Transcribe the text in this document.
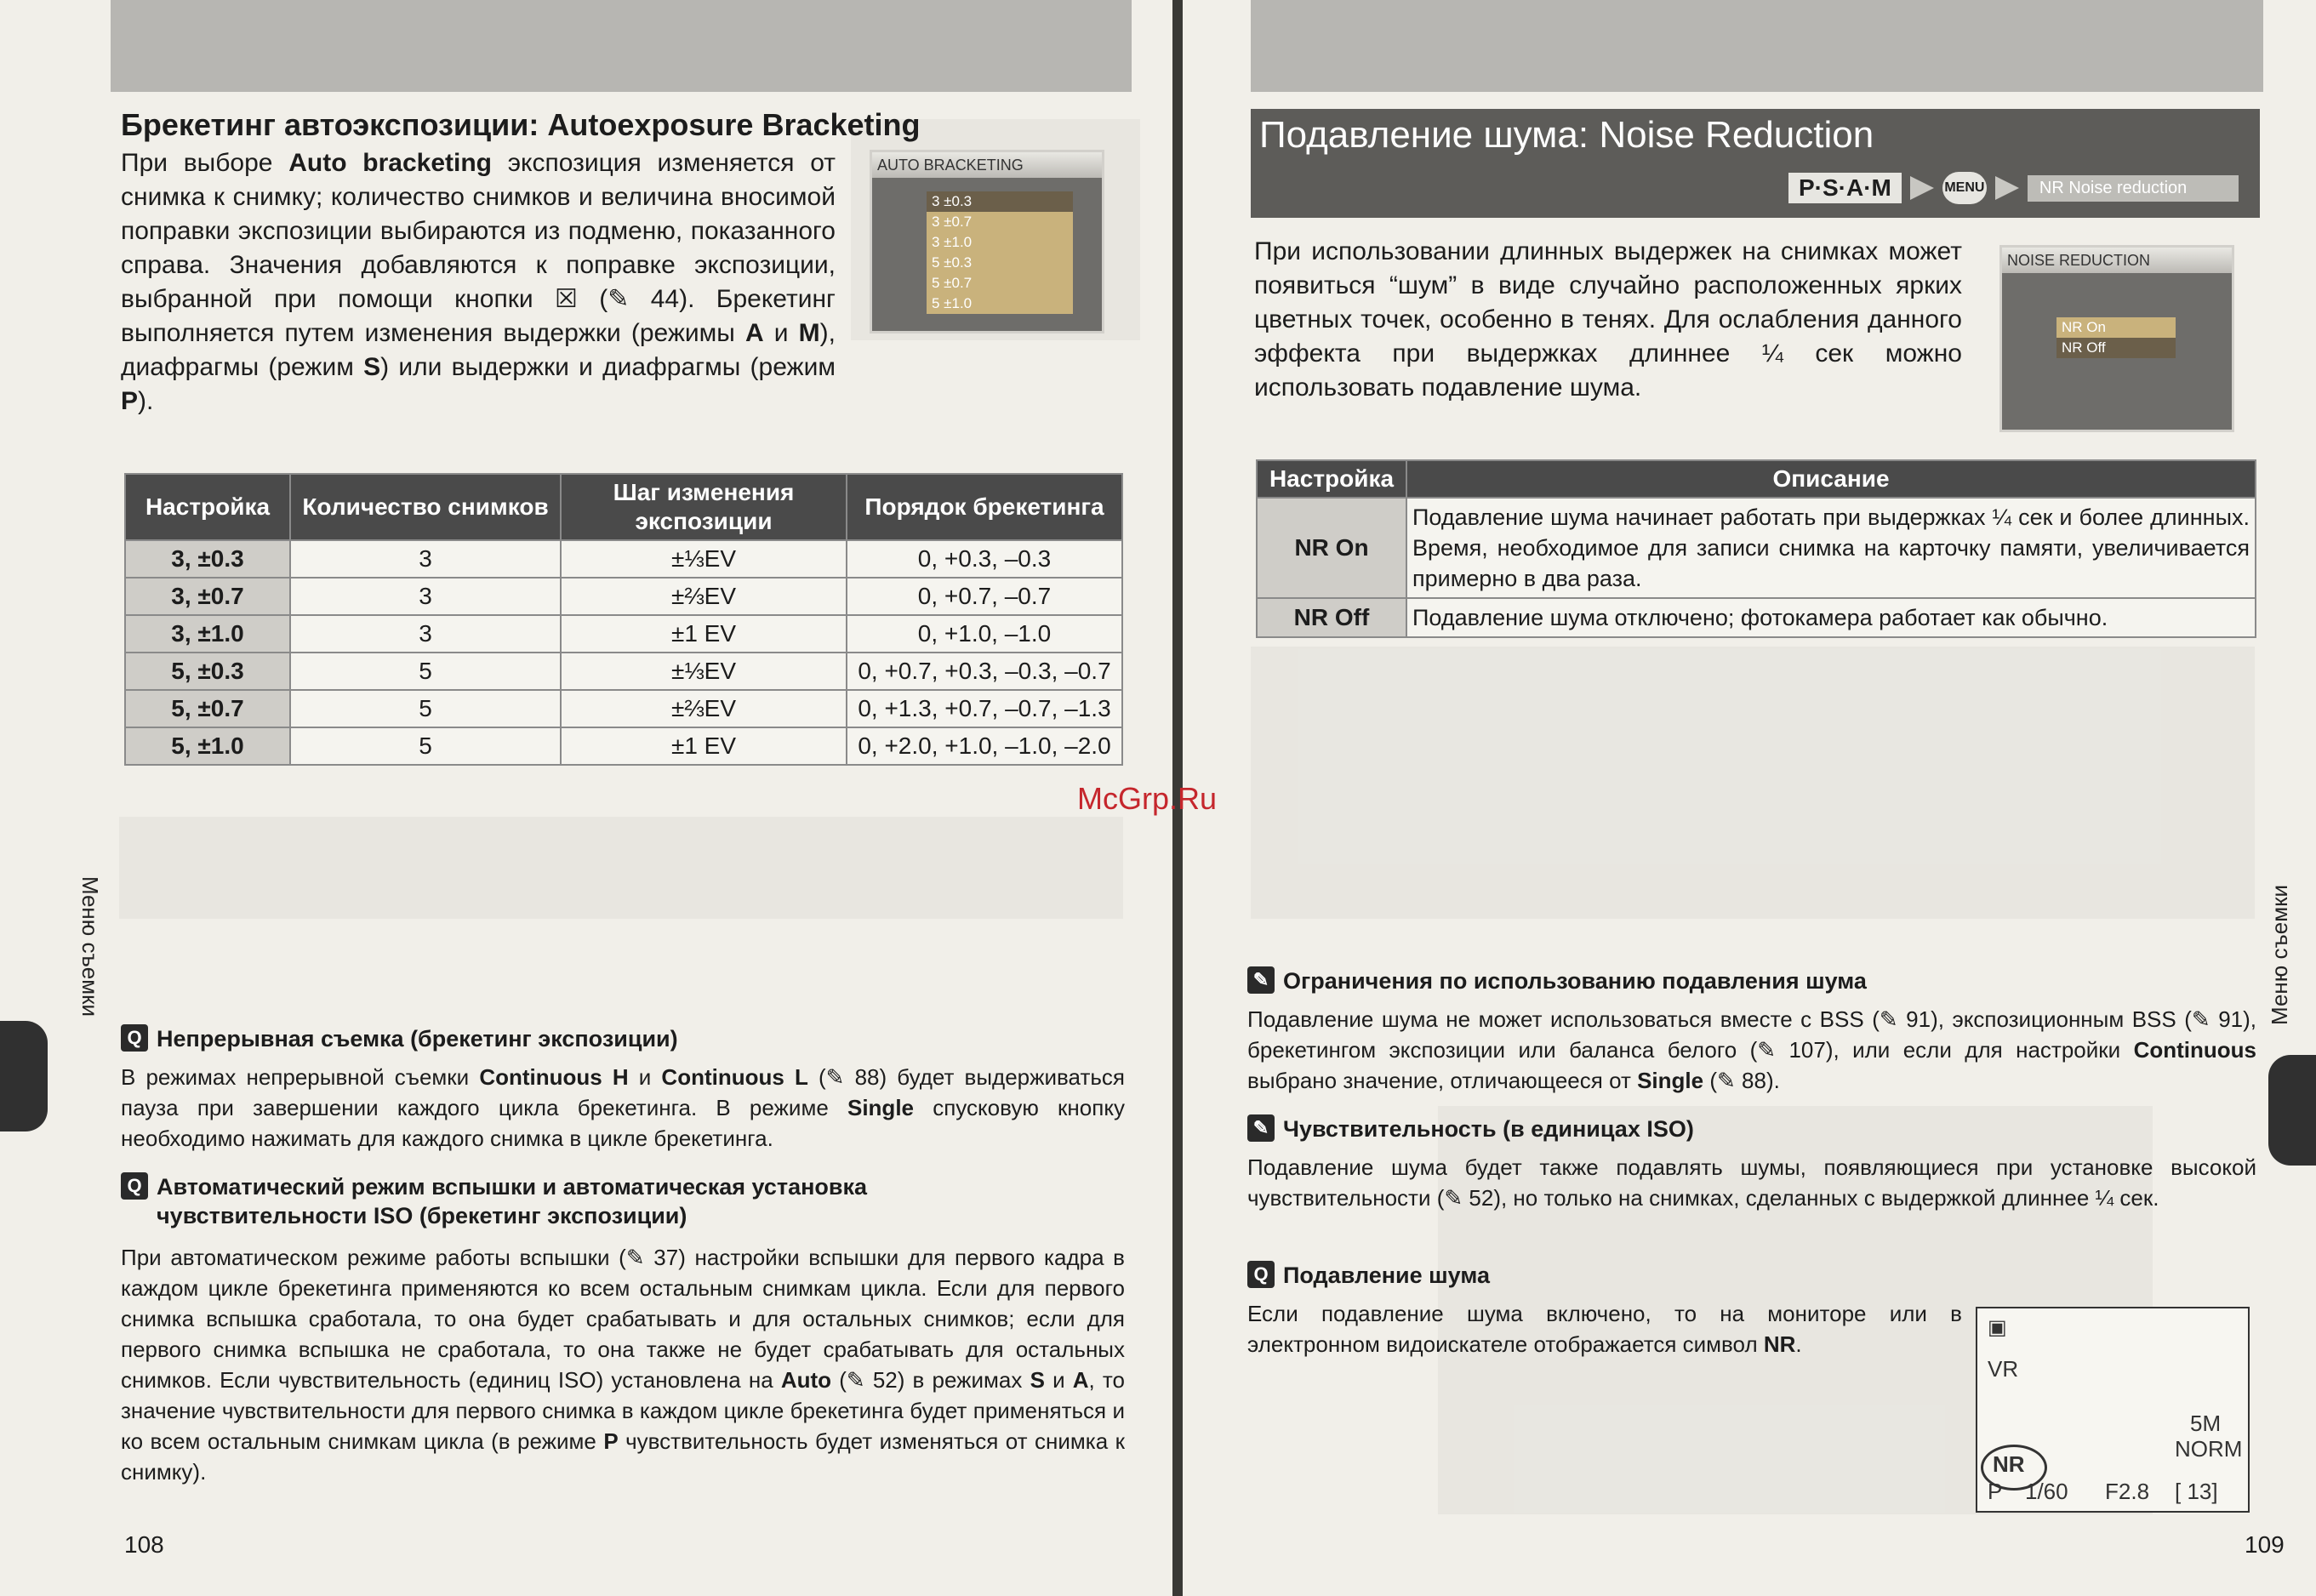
Брекетинг автоэкспозиции: Autoexposure Bracketing

При выборе Auto bracketing экспозиция изменяется от снимка к снимку; количество снимков и величина вносимой поправки экспозиции выбираются из подменю, показанного справа. Значения добавляются к поправке экспозиции, выбранной при помощи кнопки ☒ (✎ 44). Брекетинг выполняется путем изменения выдержки (режимы A и M), диафрагмы (режим S) или выдержки и диафрагмы (режим P).

AUTO BRACKETING
3 ±0.3
3 ±0.7
3 ±1.0
5 ±0.3
5 ±0.7
5 ±1.0
Настройка	Количество снимков	Шаг изменения экспозиции	Порядок брекетинга
3, ±0.3	3	±⅓EV	0, +0.3, –0.3
3, ±0.7	3	±⅔EV	0, +0.7, –0.7
3, ±1.0	3	±1 EV	0, +1.0, –1.0
5, ±0.3	5	±⅓EV	0, +0.7, +0.3, –0.3, –0.7
5, ±0.7	5	±⅔EV	0, +1.3, +0.7, –0.7, –1.3
5, ±1.0	5	±1 EV	0, +2.0, +1.0, –1.0, –2.0
Q Непрерывная съемка (брекетинг экспозиции)

В режимах непрерывной съемки Continuous H и Continuous L (✎ 88) будет выдерживаться пауза при завершении каждого цикла брекетинга. В режиме Single спусковую кнопку необходимо нажимать для каждого снимка в цикле брекетинга.

Q Автоматический режим вспышки и автоматическая установка чувствительности ISO (брекетинг экспозиции)

При автоматическом режиме работы вспышки (✎ 37) настройки вспышки для первого кадра в каждом цикле брекетинга применяются ко всем остальным снимкам цикла. Если для первого снимка вспышка сработала, то она будет срабатывать и для остальных снимков; если для первого снимка вспышка не сработала, то она также не будет срабатывать для остальных снимков. Если чувствительность (единиц ISO) установлена на Auto (✎ 52) в режимах S и A, то значение чувствительности для первого снимка в каждом цикле брекетинга будет применяться и ко всем остальным снимкам цикла (в режиме P чувствительность будет изменяться от снимка к снимку).

Меню съемки
108
Подавление шума: Noise Reduction
P·S·A·M	MENU	NR Noise reduction

При использовании длинных выдержек на снимках может появиться “шум” в виде случайно расположенных ярких цветных точек, особенно в тенях. Для ослабления данного эффекта при выдержках длиннее ¼ сек можно использовать подавление шума.

NOISE REDUCTION
NR On
NR Off
Настройка	Описание
NR On	Подавление шума начинает работать при выдержках ¼ сек и более длинных. Время, необходимое для записи снимка на карточку памяти, увеличивается примерно в два раза.
NR Off	Подавление шума отключено; фотокамера работает как обычно.
✎ Ограничения по использованию подавления шума

Подавление шума не может использоваться вместе с BSS (✎ 91), экспозиционным BSS (✎ 91), брекетингом экспозиции или баланса белого (✎ 107), или если для настройки Continuous выбрано значение, отличающееся от Single (✎ 88).

✎ Чувствительность (в единицах ISO)

Подавление шума будет также подавлять шумы, появляющиеся при установке высокой чувствительности (✎ 52), но только на снимках, сделанных с выдержкой длиннее ¼ сек.

Q Подавление шума

Если подавление шума включено, то на мониторе или в электронном видоискателе отображается символ NR.

▣
VR
5M
NORM
NR
P 1/60 F2.8 [ 13]
Меню съемки
109
McGrp.Ru
